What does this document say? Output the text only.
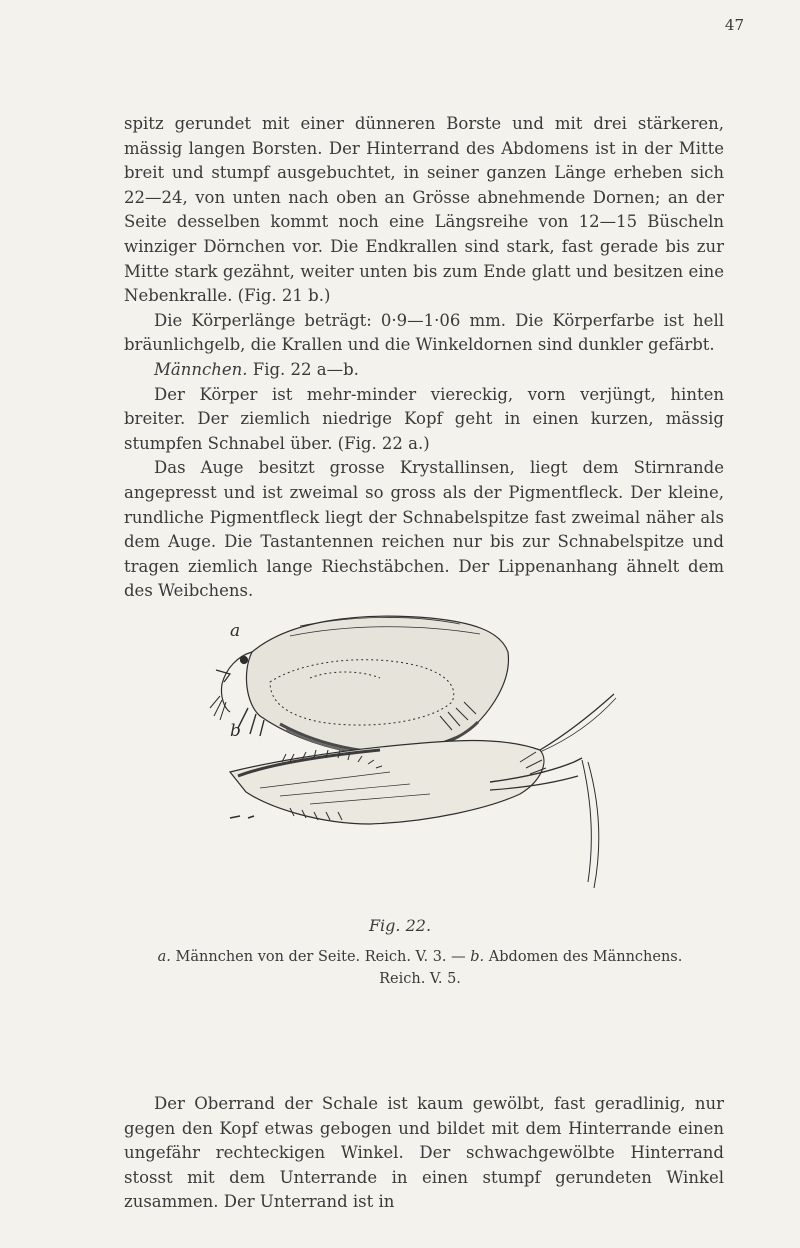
47

spitz gerundet mit einer dünneren Borste und mit drei stärkeren, mässig langen Borsten. Der Hinterrand des Abdomens ist in der Mitte breit und stumpf ausgebuchtet, in seiner ganzen Länge erheben sich 22—24, von unten nach oben an Grösse abnehmende Dornen; an der Seite desselben kommt noch eine Längsreihe von 12—15 Büscheln winziger Dörnchen vor. Die Endkrallen sind stark, fast gerade bis zur Mitte stark gezähnt, weiter unten bis zum Ende glatt und besitzen eine Nebenkralle. (Fig. 21 b.)

Die Körperlänge beträgt: 0·9—1·06 mm. Die Körperfarbe ist hell bräunlichgelb, die Krallen und die Winkeldornen sind dunkler gefärbt.

Männchen. Fig. 22 a—b.

Der Körper ist mehr-minder viereckig, vorn verjüngt, hinten breiter. Der ziemlich niedrige Kopf geht in einen kurzen, mässig stumpfen Schnabel über. (Fig. 22 a.)

Das Auge besitzt grosse Krystallinsen, liegt dem Stirnrande angepresst und ist zweimal so gross als der Pigmentfleck. Der kleine, rundliche Pigmentfleck liegt der Schnabelspitze fast zweimal näher als dem Auge. Die Tastantennen reichen nur bis zur Schnabelspitze und tragen ziemlich lange Riechstäbchen. Der Lippenanhang ähnelt dem des Weibchens.

a
b
Fig. 22.
a. Männchen von der Seite. Reich. V. 3. — b. Abdomen des Männchens. Reich. V. 5.

Der Oberrand der Schale ist kaum gewölbt, fast geradlinig, nur gegen den Kopf etwas gebogen und bildet mit dem Hinterrande einen ungefähr rechteckigen Winkel. Der schwachgewölbte Hinterrand stosst mit dem Unterrande in einen stumpf gerundeten Winkel zusammen. Der Unterrand ist in
